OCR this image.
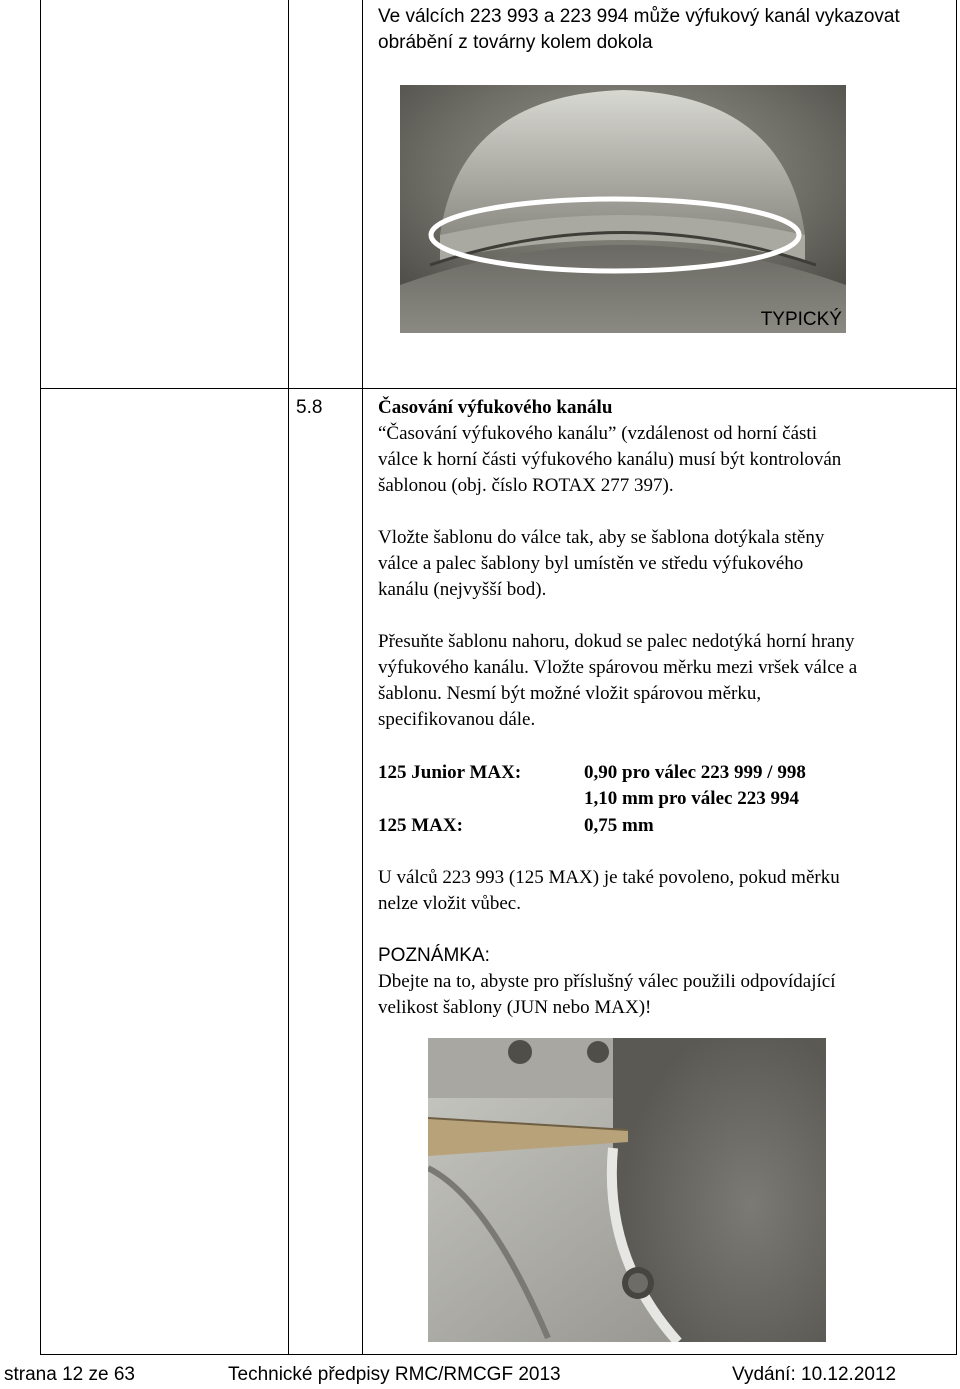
Ve válcích 223 993 a 223 994 může výfukový kanál vykazovat
obrábění z továrny kolem dokola
TYPICKÝ
5.8	Časování výfukového kanálu
“Časování výfukového kanálu” (vzdálenost od horní části
válce k horní části výfukového kanálu) musí být kontrolován
šablonou (obj. číslo ROTAX 277 397).
Vložte šablonu do válce tak, aby se šablona dotýkala stěny
válce a palec šablony byl umístěn ve středu výfukového
kanálu (nejvyšší bod).
Přesuňte šablonu nahoru, dokud se palec nedotýká horní hrany
výfukového kanálu. Vložte spárovou měrku mezi vršek válce a
šablonu. Nesmí být možné vložit spárovou měrku,
specifikovanou dále.
125 Junior MAX:	0,90 pro válec 223 999 / 998
1,10 mm pro válec 223 994
125 MAX:	0,75 mm
U válců 223 993 (125 MAX) je také povoleno, pokud měrku
nelze vložit vůbec.
POZNÁMKA:
Dbejte na to, abyste pro příslušný válec použili odpovídající
velikost šablony (JUN nebo MAX)!
strana 12 ze 63	Technické předpisy RMC/RMCGF 2013	Vydání: 10.12.2012
